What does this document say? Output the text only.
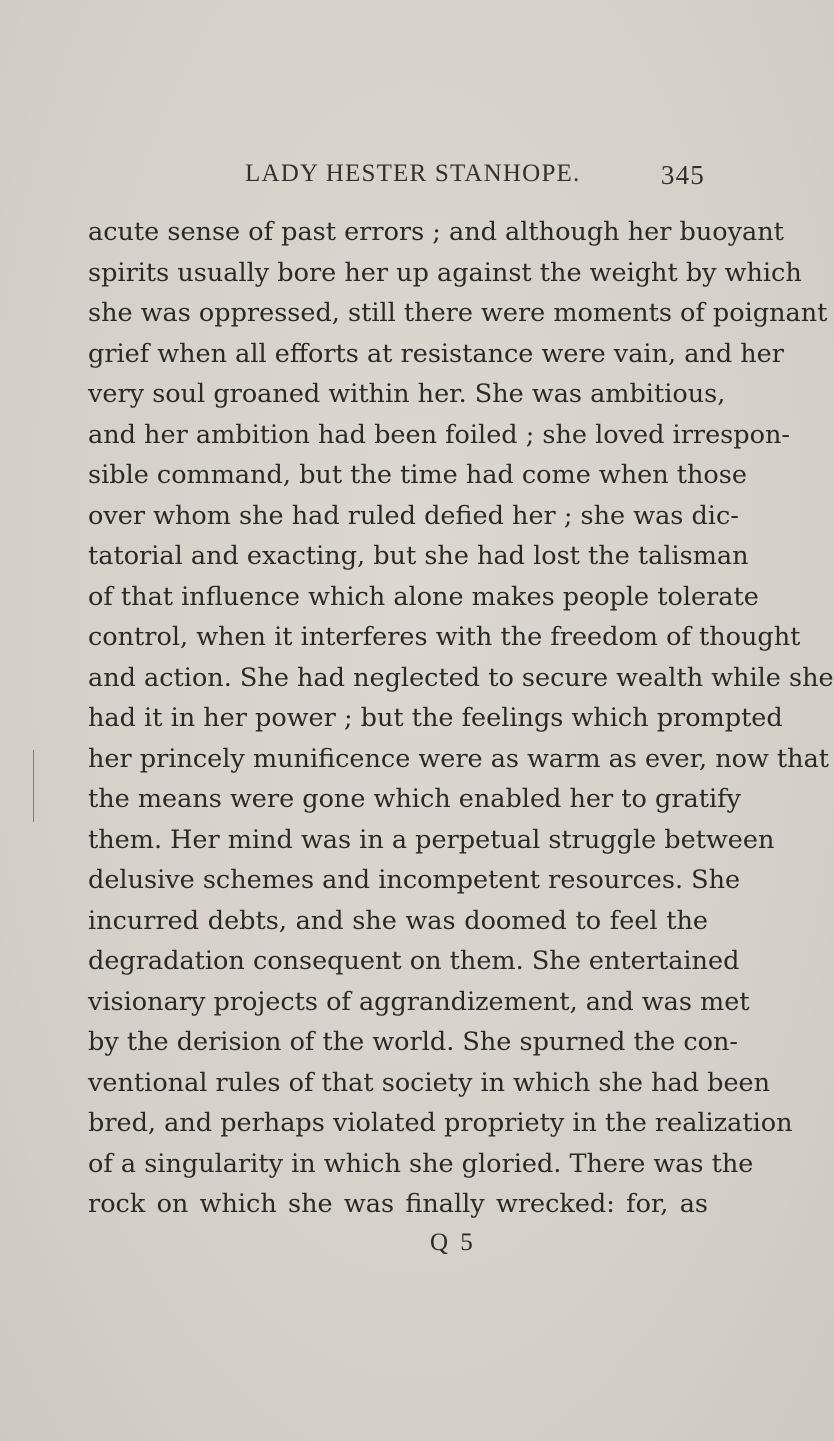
LADY HESTER STANHOPE.	345
acute sense of past errors ; and although her buoyant
spirits usually bore her up against the weight by which
she was oppressed, still there were moments of poignant
grief when all efforts at resistance were vain, and her
very soul groaned within her. She was ambitious,
and her ambition had been foiled ; she loved irrespon-
sible command, but the time had come when those
over whom she had ruled defied her ; she was dic-
tatorial and exacting, but she had lost the talisman
of that influence which alone makes people tolerate
control, when it interferes with the freedom of thought
and action. She had neglected to secure wealth while she
had it in her power ; but the feelings which prompted
her princely munificence were as warm as ever, now that
the means were gone which enabled her to gratify
them. Her mind was in a perpetual struggle between
delusive schemes and incompetent resources. She
incurred debts, and she was doomed to feel the
degradation consequent on them. She entertained
visionary projects of aggrandizement, and was met
by the derision of the world. She spurned the con-
ventional rules of that society in which she had been
bred, and perhaps violated propriety in the realization
of a singularity in which she gloried. There was the
rock on which she was finally wrecked: for, as
Q 5
